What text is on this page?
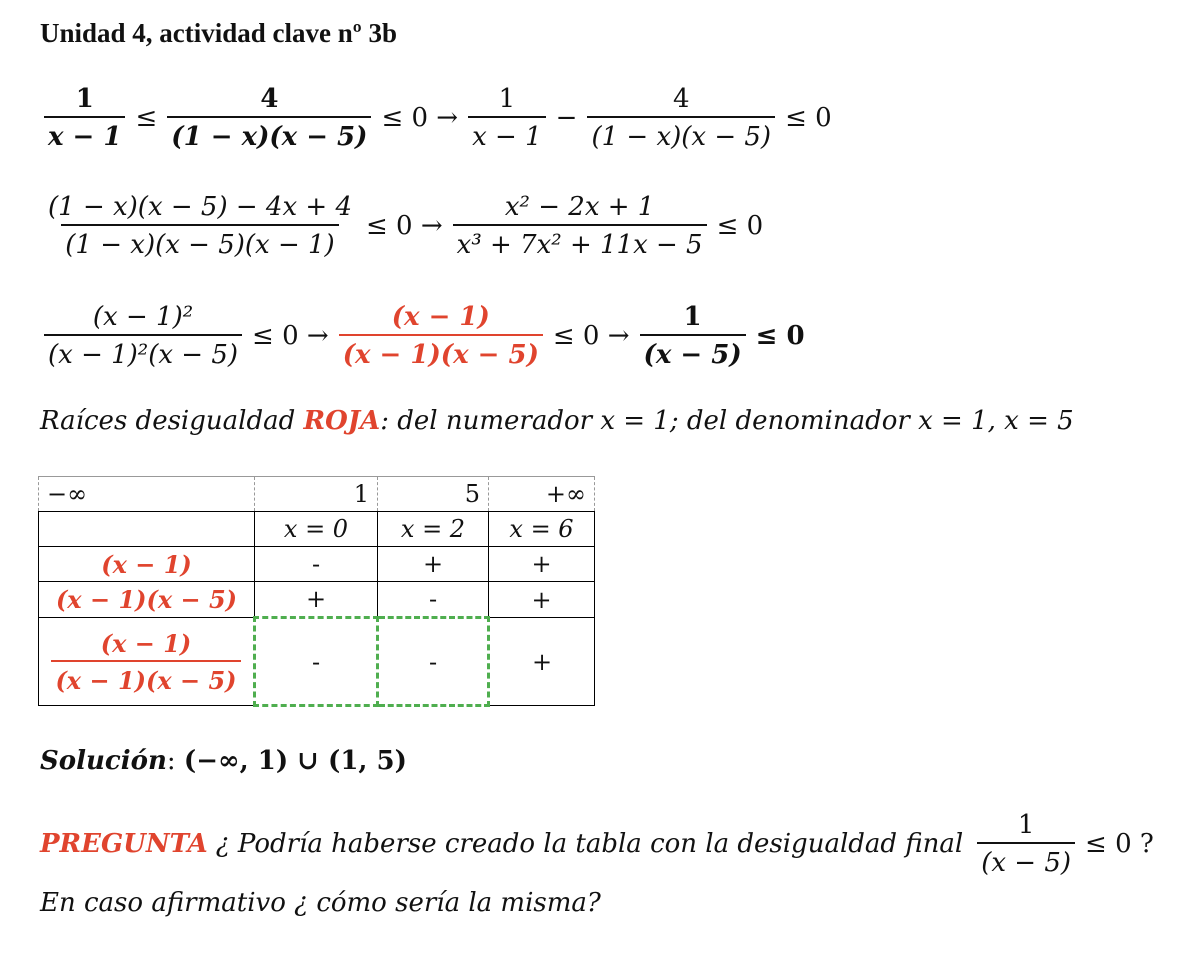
Unidad 4, actividad clave nº 3b
$\frac{1}{x - 1} \le \frac{4}{(1 - x)(x - 5)} \le 0 \to \frac{1}{x - 1} - \frac{4}{(1 - x)(x - 5)} \le 0$
$\frac{(1 - x)(x - 5) - 4x + 4}{(1 - x)(x - 5)(x - 1)} \le 0 \to \frac{\text{x² − 2x + 1}}{\text{x³ + 7x² + 11x − 5}} \le 0$
$\frac{\text{(x − 1)²}}{\text{(x − 1)²(x − 5)}} \le 0 \to \frac{(x - 1)}{(x - 1)(x - 5)} \le 0 \to \frac{1}{(x - 5)} \le 0$
Raíces desigualdad ROJA: del numerador x = 1; del denominador x = 1, x = 5
−∞	1	5	+∞
	x = 0	x = 2	x = 6
(x − 1)	-	+	+
(x − 1)(x − 5)	+	-	+

$\frac{(x - 1)}{(x - 1)(x - 5)}$	-	-	+
Solución: (−∞, 1) ∪ (1, 5)
PREGUNTA ¿ Podría haberse creado la tabla con la desigualdad final $\frac{1}{(x - 5)} \le 0$ ?
En caso afirmativo ¿ cómo sería la misma?
